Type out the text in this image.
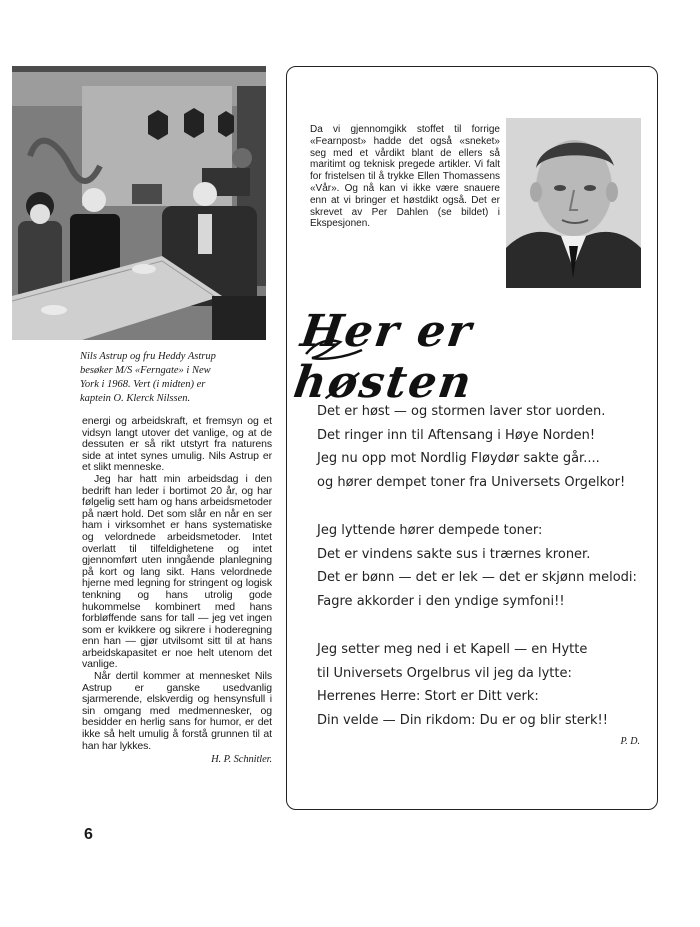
Nils Astrup og fru Heddy Astrup
besøker M/S «Ferngate» i New
York i 1968. Vert (i midten) er
kaptein O. Klerck Nilssen.

energi og arbeidskraft, et fremsyn og et vidsyn langt utover det vanlige, og at de dessuten er så rikt utstyrt fra naturens side at intet synes umulig. Nils Astrup er et slikt menneske.

Jeg har hatt min arbeidsdag i den bedrift han leder i bortimot 20 år, og har følgelig sett ham og hans arbeidsmetoder på nært hold. Det som slår en når en ser ham i virksomhet er hans systematiske og velordnede arbeidsmetoder. Intet overlatt til tilfeldighetene og intet gjennomført uten inngående planlegning på kort og lang sikt. Hans velordnede hjerne med legning for stringent og logisk tenkning og hans utrolig gode hukommelse kombinert med hans forbløffende sans for tall — jeg vet ingen som er kvikkere og sikrere i hoderegning enn han — gjør utvilsomt sitt til at hans arbeidskapasitet er noe helt utenom det vanlige.

Når dertil kommer at mennesket Nils Astrup er ganske usedvanlig sjarmerende, elskverdig og hensynsfull i sin omgang med medmennesker, og besidder en herlig sans for humor, er det ikke så helt umulig å forstå grunnen til at han har lykkes.

H. P. Schnitler.
6
Da vi gjennomgikk stoffet til forrige «Fearnpost» hadde det også «sneket» seg med et vårdikt blant de ellers så maritimt og teknisk pregede artikler. Vi falt for fristelsen til å trykke Ellen Thomassens «Vår». Og nå kan vi ikke være snauere enn at vi bringer et høstdikt også. Det er skrevet av Per Dahlen (se bildet) i Ekspesjonen.
Her er høsten
Det er høst — og stormen laver stor uorden.
Det ringer inn til Aftensang i Høye Norden!
Jeg nu opp mot Nordlig Fløydør sakte går....
og hører dempet toner fra Universets Orgelkor!
Jeg lyttende hører dempede toner:
Det er vindens sakte sus i trærnes kroner.
Det er bønn — det er lek — det er skjønn melodi:
Fagre akkorder i den yndige symfoni!!
Jeg setter meg ned i et Kapell — en Hytte
til Universets Orgelbrus vil jeg da lytte:
Herrenes Herre: Stort er Ditt verk:
Din velde — Din rikdom: Du er og blir sterk!!
P. D.
